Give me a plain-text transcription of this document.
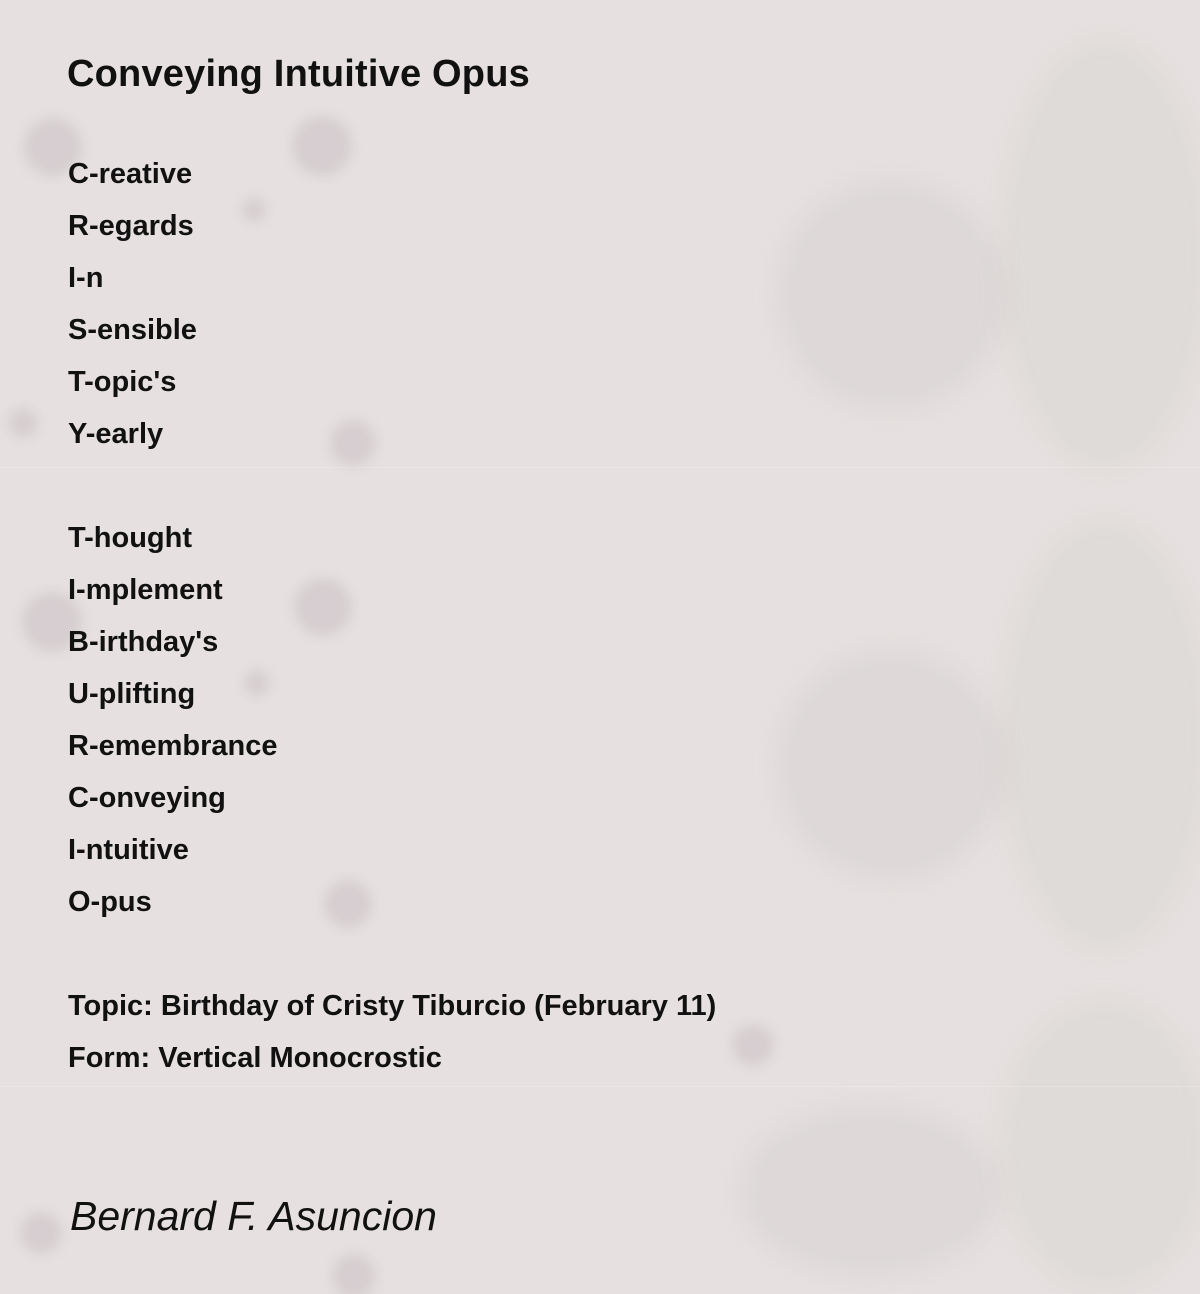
Conveying Intuitive Opus
C-reative
R-egards
I-n
S-ensible
T-opic's
Y-early
T-hought
I-mplement
B-irthday's
U-plifting
R-emembrance
C-onveying
I-ntuitive
O-pus
Topic: Birthday of Cristy Tiburcio (February 11)
Form: Vertical Monocrostic
Bernard F. Asuncion
